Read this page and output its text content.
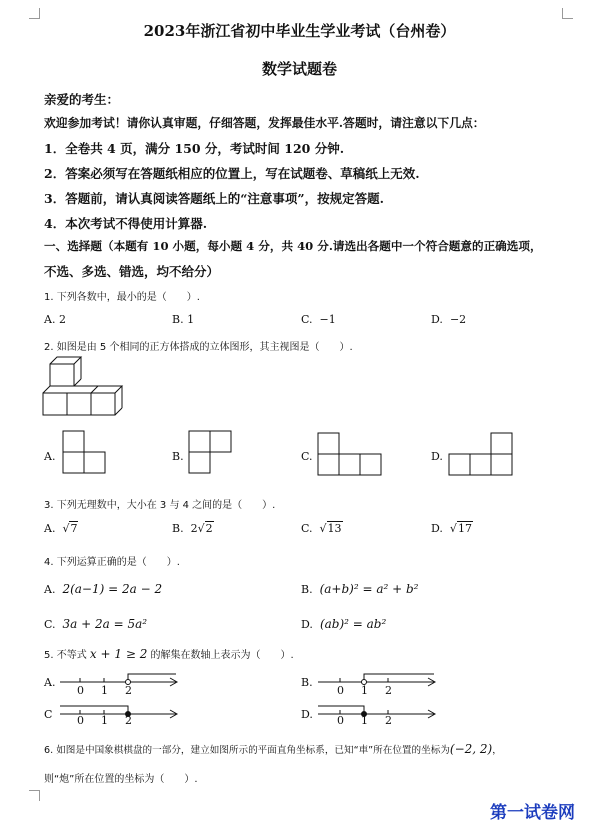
2023年浙江省初中毕业生学业考试（台州卷）
数学试题卷
亲爱的考生：
欢迎参加考试！请你认真审题，仔细答题，发挥最佳水平.答题时，请注意以下几点：
1．全卷共 4 页，满分 150 分，考试时间 120 分钟.
2．答案必须写在答题纸相应的位置上，写在试题卷、草稿纸上无效.
3．答题前，请认真阅读答题纸上的“注意事项”，按规定答题.
4．本次考试不得使用计算器.
一、选择题（本题有 10 小题，每小题 4 分，共 40 分.请选出各题中一个符合题意的正确选项，
不选、多选、错选，均不给分）
1. 下列各数中，最小的是（　　）.
A. 2	B. 1	C. −1	D. −2
2. 如图是由 5 个相同的正方体搭成的立体图形，其主视图是（　　）.
A.	B.	C.	D.
3. 下列无理数中，大小在 3 与 4 之间的是（　　）.
A.  √7	B. 2√2	C.  √13	D.  √17
4. 下列运算正确的是（　　）.
A. 2(a−1) = 2a − 2	B. (a+b)² = a² + b²
C. 3a + 2a = 5a²	D. (ab)² = ab²
5. 不等式 x + 1 ≥ 2 的解集在数轴上表示为（　　）.
A.
0 1 2
B.
0 1 2
C 0 1 2	D. 0 1 2
6. 如图是中国象棋棋盘的一部分，建立如图所示的平面直角坐标系，已知“車”所在位置的坐标为(−2, 2)，
则“炮”所在位置的坐标为（　　）.
第一试卷网
